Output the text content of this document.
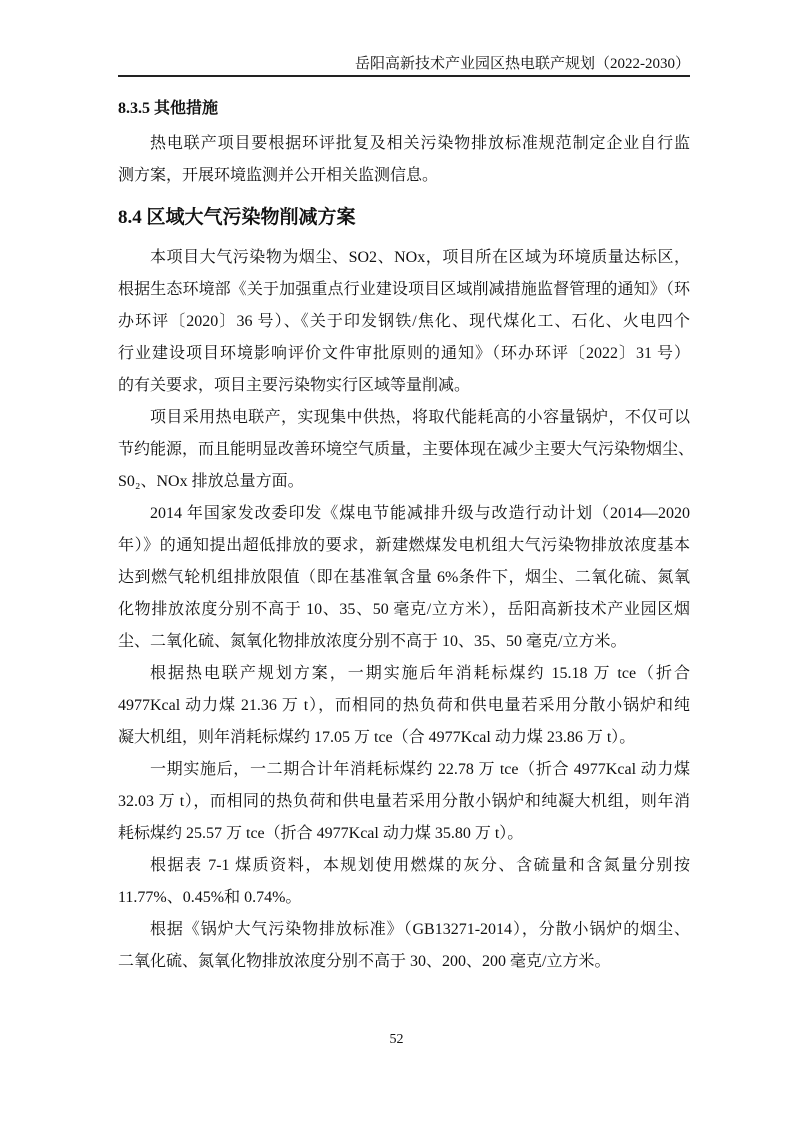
岳阳高新技术产业园区热电联产规划（2022-2030）
8.3.5 其他措施
热电联产项目要根据环评批复及相关污染物排放标准规范制定企业自行监
测方案，开展环境监测并公开相关监测信息。
8.4 区域大气污染物削减方案
本项目大气污染物为烟尘、SO2、NOx，项目所在区域为环境质量达标区，
根据生态环境部《关于加强重点行业建设项目区域削减措施监督管理的通知》（环
办环评〔2020〕36 号）、《关于印发钢铁/焦化、现代煤化工、石化、火电四个
行业建设项目环境影响评价文件审批原则的通知》（环办环评〔2022〕31 号）
的有关要求，项目主要污染物实行区域等量削减。
项目采用热电联产，实现集中供热，将取代能耗高的小容量锅炉，不仅可以
节约能源，而且能明显改善环境空气质量，主要体现在减少主要大气污染物烟尘、
S0₂、NOx 排放总量方面。
2014 年国家发改委印发《煤电节能减排升级与改造行动计划（2014—2020
年）》的通知提出超低排放的要求，新建燃煤发电机组大气污染物排放浓度基本
达到燃气轮机组排放限值（即在基准氧含量 6%条件下，烟尘、二氧化硫、氮氧
化物排放浓度分别不高于 10、35、50 毫克/立方米），岳阳高新技术产业园区烟
尘、二氧化硫、氮氧化物排放浓度分别不高于 10、35、50 毫克/立方米。
根据热电联产规划方案，一期实施后年消耗标煤约 15.18 万 tce（折合
4977Kcal 动力煤 21.36 万 t），而相同的热负荷和供电量若采用分散小锅炉和纯
凝大机组，则年消耗标煤约 17.05 万 tce（合 4977Kcal 动力煤 23.86 万 t）。
一期实施后，一二期合计年消耗标煤约 22.78 万 tce（折合 4977Kcal 动力煤
32.03 万 t），而相同的热负荷和供电量若采用分散小锅炉和纯凝大机组，则年消
耗标煤约 25.57 万 tce（折合 4977Kcal 动力煤 35.80 万 t）。
根据表 7-1 煤质资料，本规划使用燃煤的灰分、含硫量和含氮量分别按
11.77%、0.45%和 0.74%。
根据《锅炉大气污染物排放标准》（GB13271-2014），分散小锅炉的烟尘、
二氧化硫、氮氧化物排放浓度分别不高于 30、200、200 毫克/立方米。
52
